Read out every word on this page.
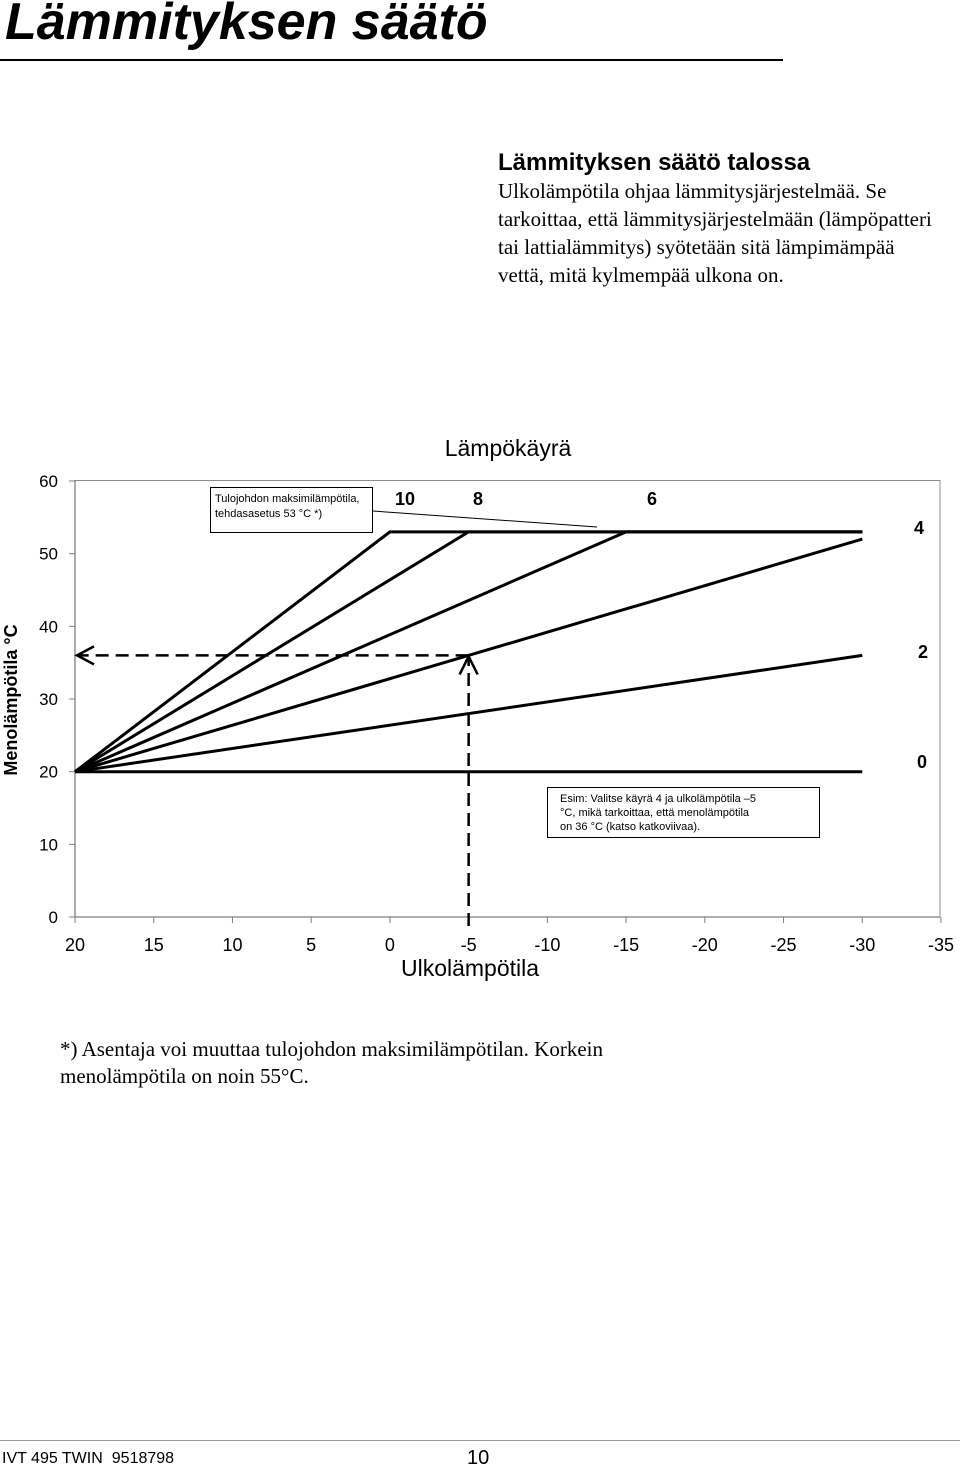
Lämmityksen säätö
Lämmityksen säätö talossa
Ulkolämpötila ohjaa lämmitysjärjestelmää. Se
tarkoittaa, että lämmitysjärjestelmään (lämpöpatteri
tai lattialämmitys) syötetään sitä lämpimämpää
vettä, mitä kylmempää ulkona on.
Lämpökäyrä
60
50
40
30
20
10
0
20	15	10	5	0	-5	-10	-15	-20	-25	-30	-35
0
2
4
6
8
10
Ulkolämpötila
Menolämpötila °C
Tulojohdon maksimilämpötila,
tehdasasetus 53 °C *)
Esim: Valitse käyrä 4 ja ulkolämpötila –5
°C, mikä tarkoittaa, että menolämpötila
on 36 °C (katso katkoviivaa).
*) Asentaja voi muuttaa tulojohdon maksimilämpötilan. Korkein
menolämpötila on noin 55°C.
IVT 495 TWIN 9518798	10
